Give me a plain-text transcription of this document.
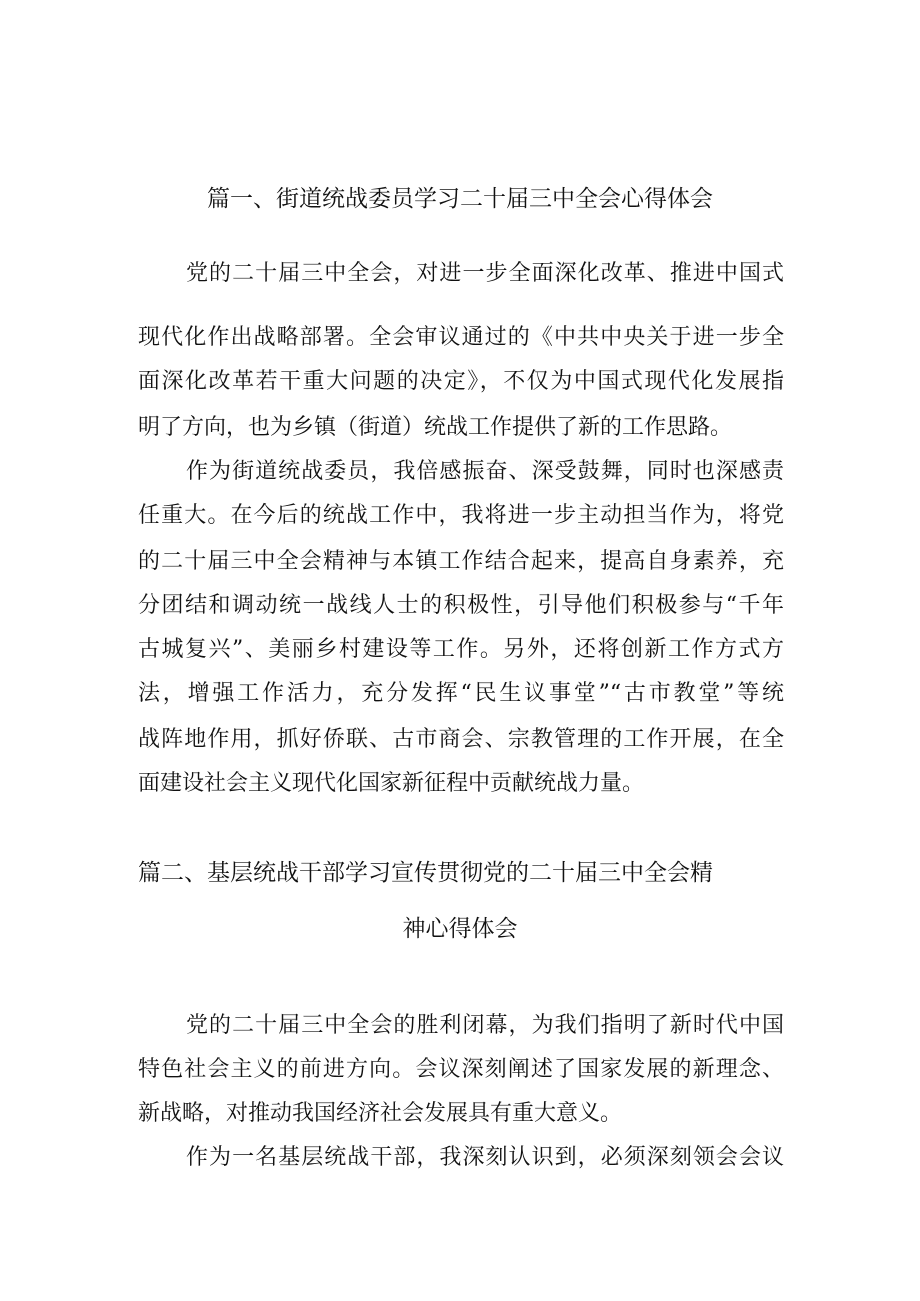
篇一、街道统战委员学习二十届三中全会心得体会
党的二十届三中全会，对进一步全面深化改革、推进中国式
现代化作出战略部署。全会审议通过的《中共中央关于进一步全
面深化改革若干重大问题的决定》，不仅为中国式现代化发展指
明了方向，也为乡镇（街道）统战工作提供了新的工作思路。
作为街道统战委员，我倍感振奋、深受鼓舞，同时也深感责
任重大。在今后的统战工作中，我将进一步主动担当作为，将党
的二十届三中全会精神与本镇工作结合起来，提高自身素养，充
分团结和调动统一战线人士的积极性，引导他们积极参与“千年
古城复兴”、美丽乡村建设等工作。另外，还将创新工作方式方
法，增强工作活力，充分发挥“民生议事堂”“古市教堂”等统
战阵地作用，抓好侨联、古市商会、宗教管理的工作开展，在全
面建设社会主义现代化国家新征程中贡献统战力量。
篇二、基层统战干部学习宣传贯彻党的二十届三中全会精
神心得体会
党的二十届三中全会的胜利闭幕，为我们指明了新时代中国
特色社会主义的前进方向。会议深刻阐述了国家发展的新理念、
新战略，对推动我国经济社会发展具有重大意义。
作为一名基层统战干部，我深刻认识到，必须深刻领会会议
